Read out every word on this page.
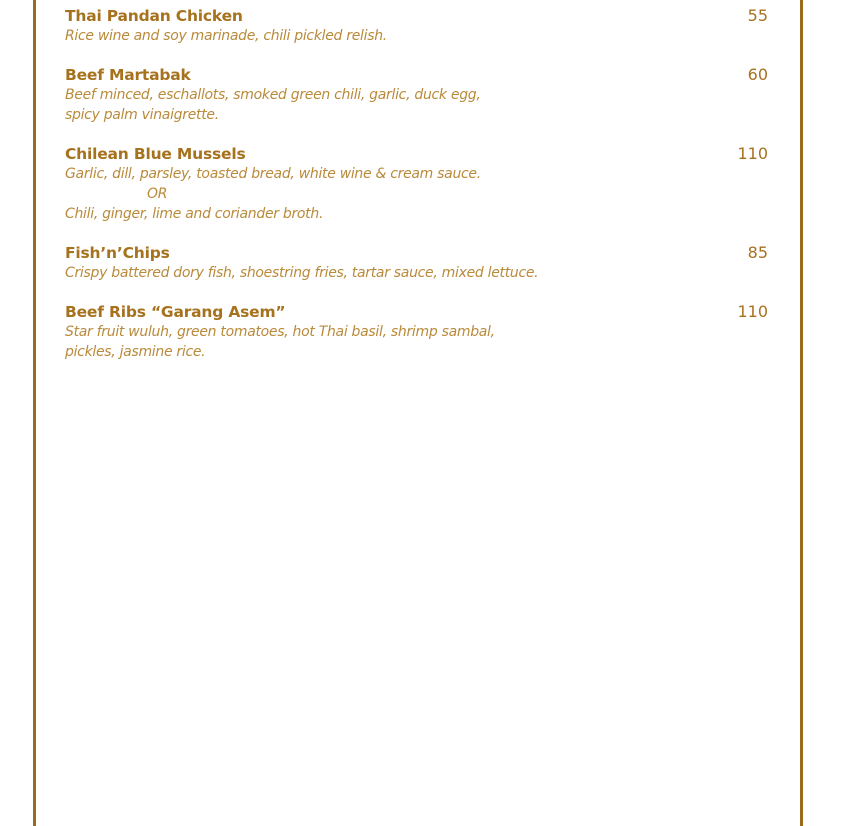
Thai Pandan Chicken	55
Rice wine and soy marinade, chili pickled relish.
Beef Martabak	60
Beef minced, eschallots, smoked green chili, garlic, duck egg,
spicy palm vinaigrette.
Chilean Blue Mussels	110
Garlic, dill, parsley, toasted bread, white wine & cream sauce.
OR
Chili, ginger, lime and coriander broth.
Fish’n’Chips	85
Crispy battered dory fish, shoestring fries, tartar sauce, mixed lettuce.
Beef Ribs “Garang Asem”	110
Star fruit wuluh, green tomatoes, hot Thai basil, shrimp sambal,
pickles, jasmine rice.
